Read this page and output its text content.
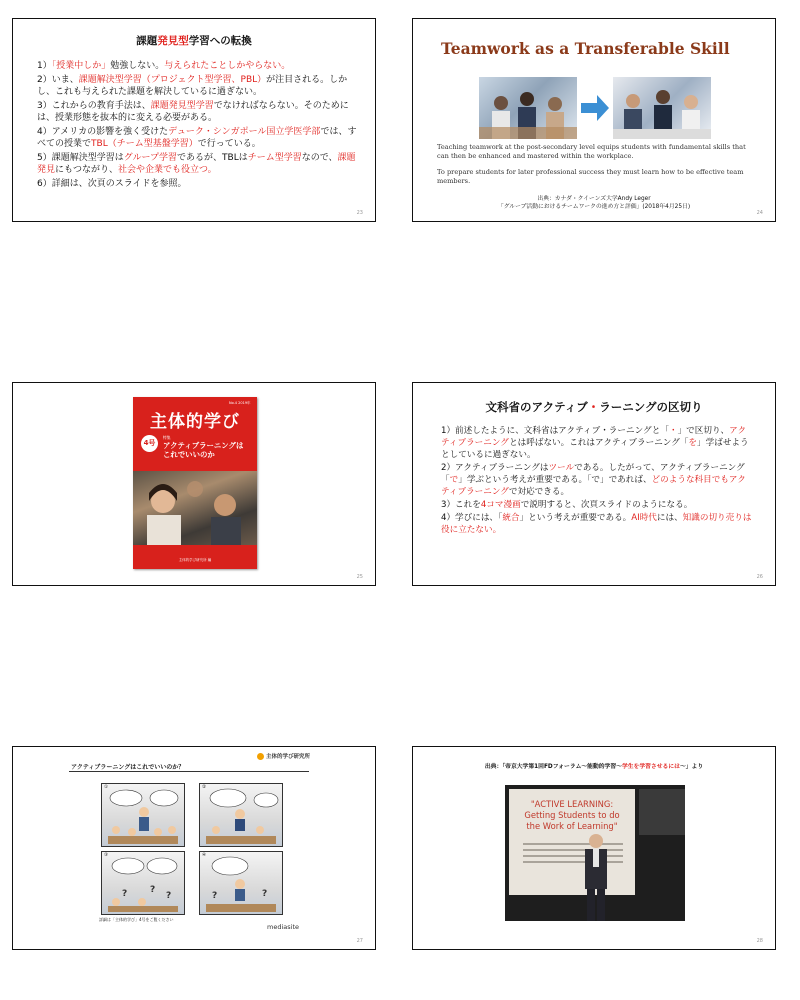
課題発見型学習への転換

1）「授業中しか」勉強しない。与えられたことしかやらない。

2）いま、課題解決型学習（プロジェクト型学習、PBL）が注目される。しかし、これも与えられた課題を解決しているに過ぎない。

3）これからの教育手法は、課題発見型学習でなければならない。そのためには、授業形態を抜本的に変える必要がある。

4）アメリカの影響を強く受けたデューク・シンガポール国立学医学部では、すべての授業でTBL（チーム型基盤学習）で行っている。

5）課題解決型学習はグループ学習であるが、TBLはチーム型学習なので、課題発見にもつながり、社会や企業でも役立つ。

6）詳細は、次頁のスライドを参照。

23
Teamwork as a Transferable Skill

Teaching teamwork at the post-secondary level equips students with fundamental skills that can then be enhanced and mastered within the workplace.

To prepare students for later professional success they must learn how to be effective team members.

出典：カナダ・クイーンズ大学Andy Leger
「グループ活動におけるチームワークの進め方と評価」(2018年4月25日)
24
No.4 2019年
主体的学び
4号
特集
アクティブラーニングは
これでいいのか
主体的学び研究所 編
25
文科省のアクティブ・ラーニングの区切り

1）前述したように、文科省はアクティブ・ラーニングと「・」で区切り、アクティブラーニングとは呼ばない。これはアクティブラーニング「を」学ばせようとしているに過ぎない。

2）アクティブラーニングはツールである。したがって、アクティブラーニング「で」学ぶという考えが重要である。「で」であれば、どのような科目でもアクティブラーニングで対応できる。

3）これを4コマ漫画で説明すると、次頁スライドのようになる。

4）学びには、「統合」という考えが重要である。AI時代には、知識の切り売りは役に立たない。

26
主体的学び研究所
アクティブラーニングはこれでいいのか？
①	②
③
?	?
?
④
?	?
詳細は「主体的学び」4号をご覧ください
mediasite
27
出典：「帝京大学第1回FDフォーラム～能動的学習～学生を学習させるには～」より
"ACTIVE LEARNING:
Getting Students to do
the Work of Learning"
28
